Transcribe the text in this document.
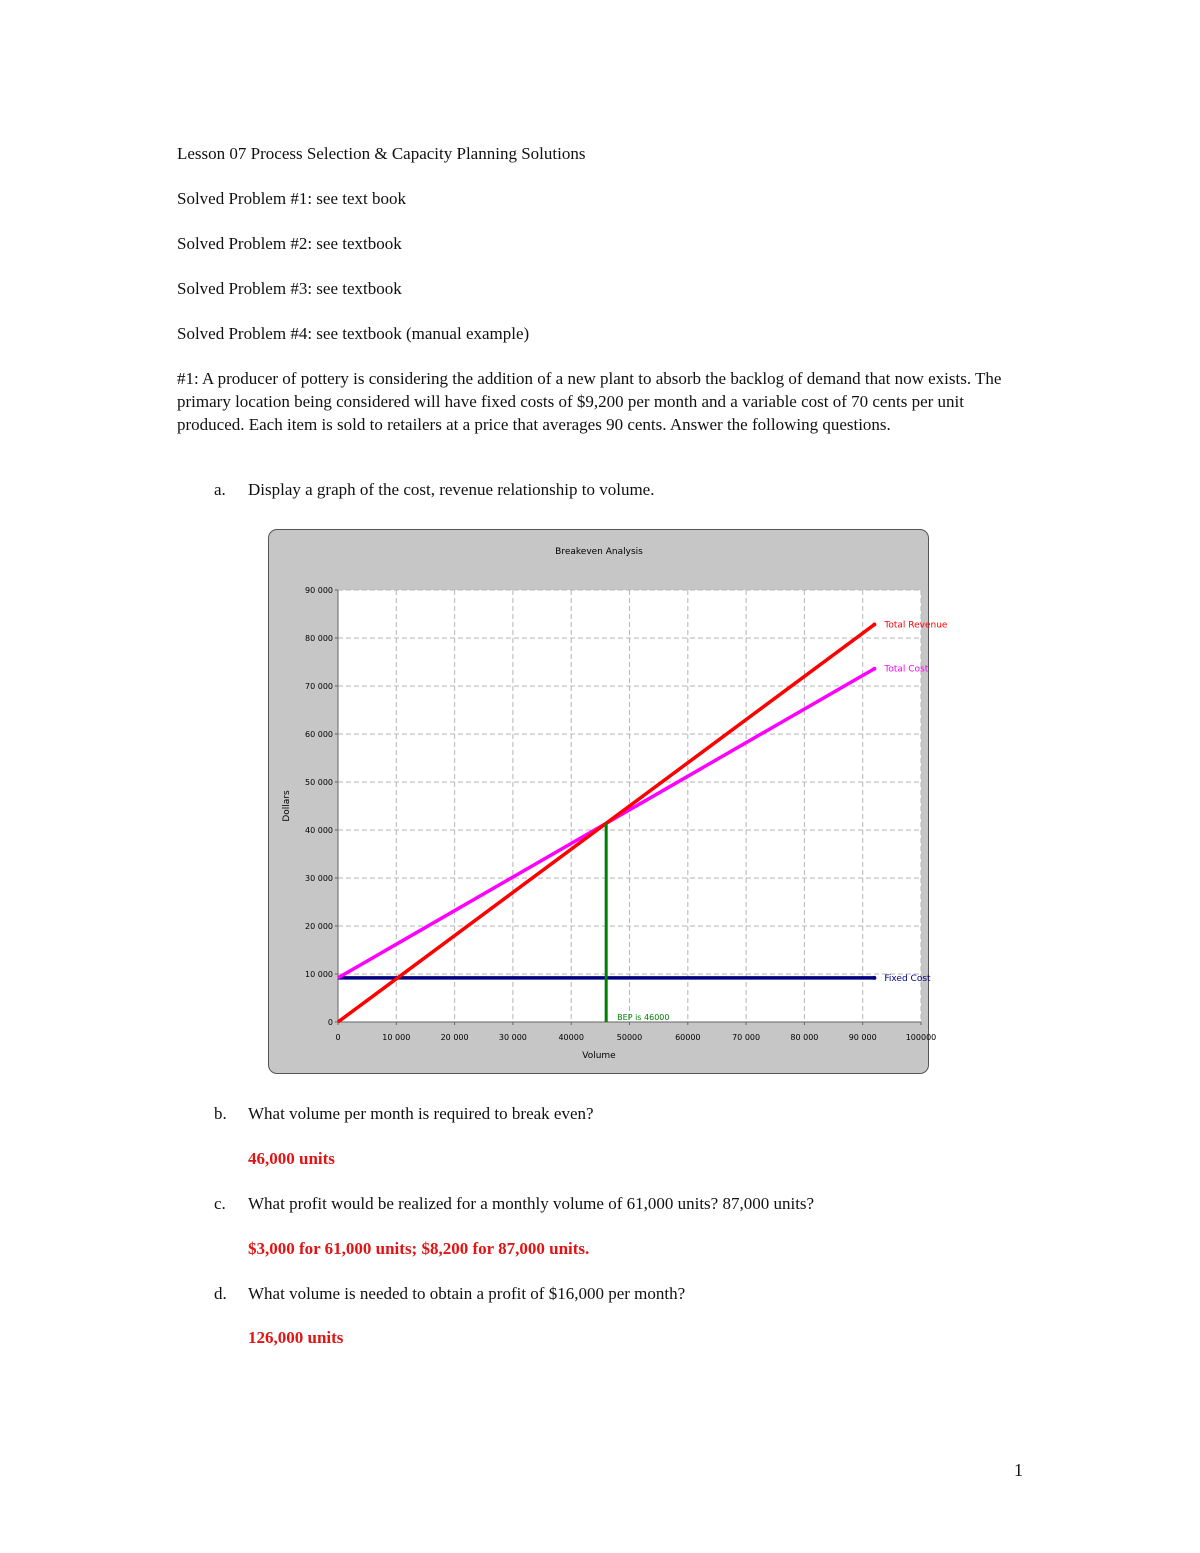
Lesson 07 Process Selection & Capacity Planning Solutions

Solved Problem #1: see text book

Solved Problem #2: see textbook

Solved Problem #3: see textbook

Solved Problem #4: see textbook (manual example)

#1: A producer of pottery is considering the addition of a new plant to absorb the backlog of demand that now exists. The primary location being considered will have fixed costs of $9,200 per month and a variable cost of 70 cents per unit produced. Each item is sold to retailers at a price that averages 90 cents. Answer the following questions.

a. Display a graph of the cost, revenue relationship to volume.
0	10 000	20 000	30 000	40000	50000	60000	70 000	80 000	90 000	100000
0
10 000
20 000
30 000
40 000
50 000
60 000
70 000
80 000
90 000
Breakeven Analysis
Volume
Dollars
Fixed Cost
Total Cost
Total Revenue
BEP is 46000
b. What volume per month is required to break even?
46,000 units
c. What profit would be realized for a monthly volume of 61,000 units? 87,000 units?
$3,000 for 61,000 units; $8,200 for 87,000 units.
d. What volume is needed to obtain a profit of $16,000 per month?
126,000 units
1
